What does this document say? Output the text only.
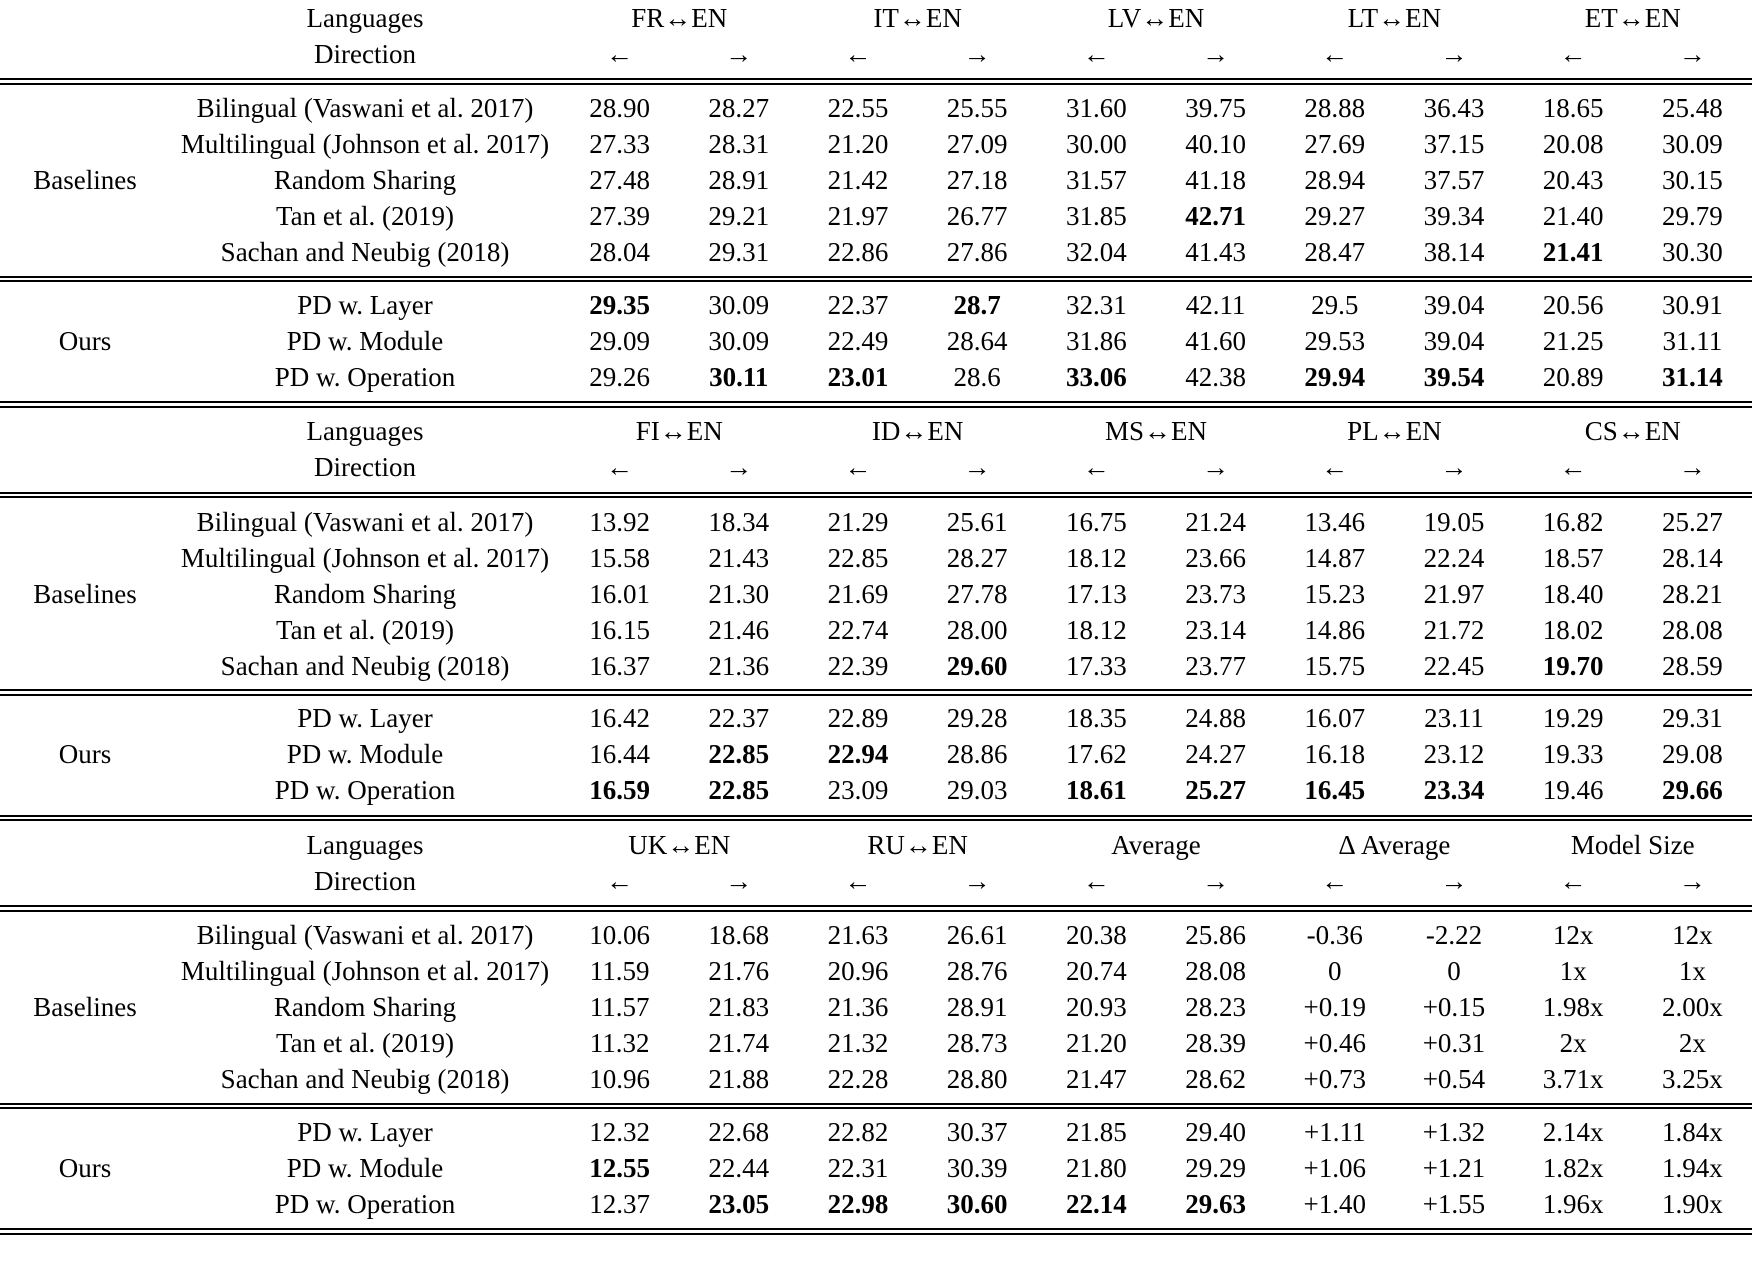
	Languages	FR↔EN		IT↔EN		LV↔EN		LT↔EN		ET↔EN	
	Direction	←	→	←	→	←	→	←	→	←	→

Baselines	Bilingual (Vaswani et al. 2017)	28.90	28.27	22.55	25.55	31.60	39.75	28.88	36.43	18.65	25.48
	Multilingual (Johnson et al. 2017)	27.33	28.31	21.20	27.09	30.00	40.10	27.69	37.15	20.08	30.09
	Random Sharing	27.48	28.91	21.42	27.18	31.57	41.18	28.94	37.57	20.43	30.15
	Tan et al. (2019)	27.39	29.21	21.97	26.77	31.85	42.71	29.27	39.34	21.40	29.79
	Sachan and Neubig (2018)	28.04	29.31	22.86	27.86	32.04	41.43	28.47	38.14	21.41	30.30

Ours	PD w. Layer	29.35	30.09	22.37	28.7	32.31	42.11	29.5	39.04	20.56	30.91
	PD w. Module	29.09	30.09	22.49	28.64	31.86	41.60	29.53	39.04	21.25	31.11
	PD w. Operation	29.26	30.11	23.01	28.6	33.06	42.38	29.94	39.54	20.89	31.14

	Languages	FI↔EN		ID↔EN		MS↔EN		PL↔EN		CS↔EN	
	Direction	←	→	←	→	←	→	←	→	←	→

Baselines	Bilingual (Vaswani et al. 2017)	13.92	18.34	21.29	25.61	16.75	21.24	13.46	19.05	16.82	25.27
	Multilingual (Johnson et al. 2017)	15.58	21.43	22.85	28.27	18.12	23.66	14.87	22.24	18.57	28.14
	Random Sharing	16.01	21.30	21.69	27.78	17.13	23.73	15.23	21.97	18.40	28.21
	Tan et al. (2019)	16.15	21.46	22.74	28.00	18.12	23.14	14.86	21.72	18.02	28.08
	Sachan and Neubig (2018)	16.37	21.36	22.39	29.60	17.33	23.77	15.75	22.45	19.70	28.59

Ours	PD w. Layer	16.42	22.37	22.89	29.28	18.35	24.88	16.07	23.11	19.29	29.31
	PD w. Module	16.44	22.85	22.94	28.86	17.62	24.27	16.18	23.12	19.33	29.08
	PD w. Operation	16.59	22.85	23.09	29.03	18.61	25.27	16.45	23.34	19.46	29.66

	Languages	UK↔EN		RU↔EN		Average		Δ Average		Model Size	
	Direction	←	→	←	→	←	→	←	→	←	→

Baselines	Bilingual (Vaswani et al. 2017)	10.06	18.68	21.63	26.61	20.38	25.86	-0.36	-2.22	12x	12x
	Multilingual (Johnson et al. 2017)	11.59	21.76	20.96	28.76	20.74	28.08	0	0	1x	1x
	Random Sharing	11.57	21.83	21.36	28.91	20.93	28.23	+0.19	+0.15	1.98x	2.00x
	Tan et al. (2019)	11.32	21.74	21.32	28.73	21.20	28.39	+0.46	+0.31	2x	2x
	Sachan and Neubig (2018)	10.96	21.88	22.28	28.80	21.47	28.62	+0.73	+0.54	3.71x	3.25x

Ours	PD w. Layer	12.32	22.68	22.82	30.37	21.85	29.40	+1.11	+1.32	2.14x	1.84x
	PD w. Module	12.55	22.44	22.31	30.39	21.80	29.29	+1.06	+1.21	1.82x	1.94x
	PD w. Operation	12.37	23.05	22.98	30.60	22.14	29.63	+1.40	+1.55	1.96x	1.90x
